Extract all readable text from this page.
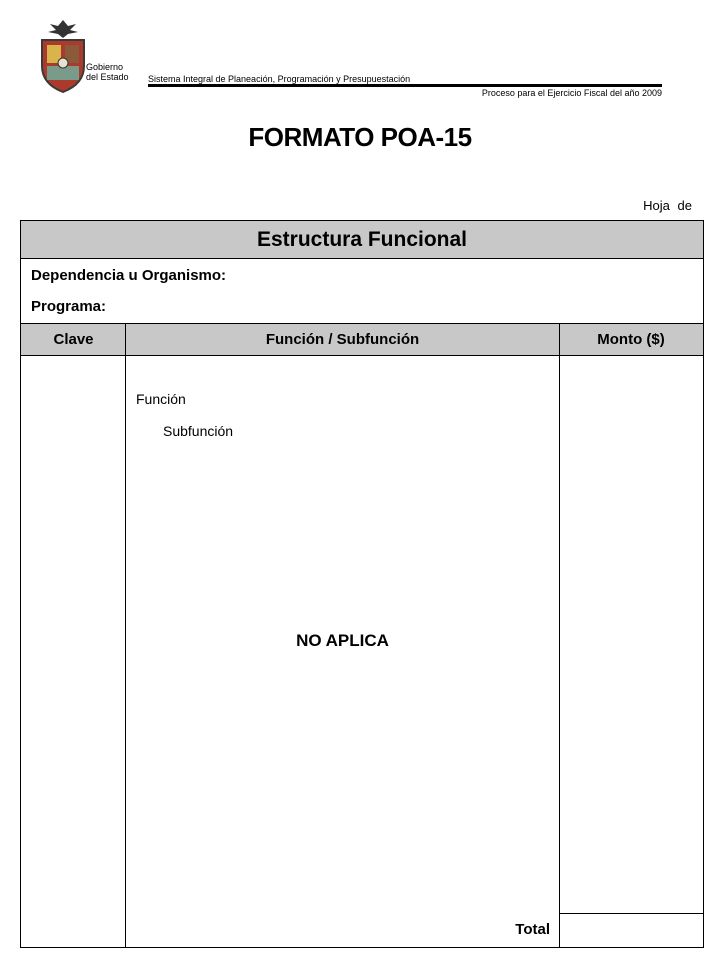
Gobierno
del Estado Sistema Integral de Planeación, Programación y Presupuestación
Proceso para el Ejercicio Fiscal del año 2009
FORMATO POA-15
Hoja de
Estructura Funcional
Dependencia u Organismo:
Programa:
Clave	Función / Subfunción	Monto ($)
Función
Subfunción
NO APLICA
Total
